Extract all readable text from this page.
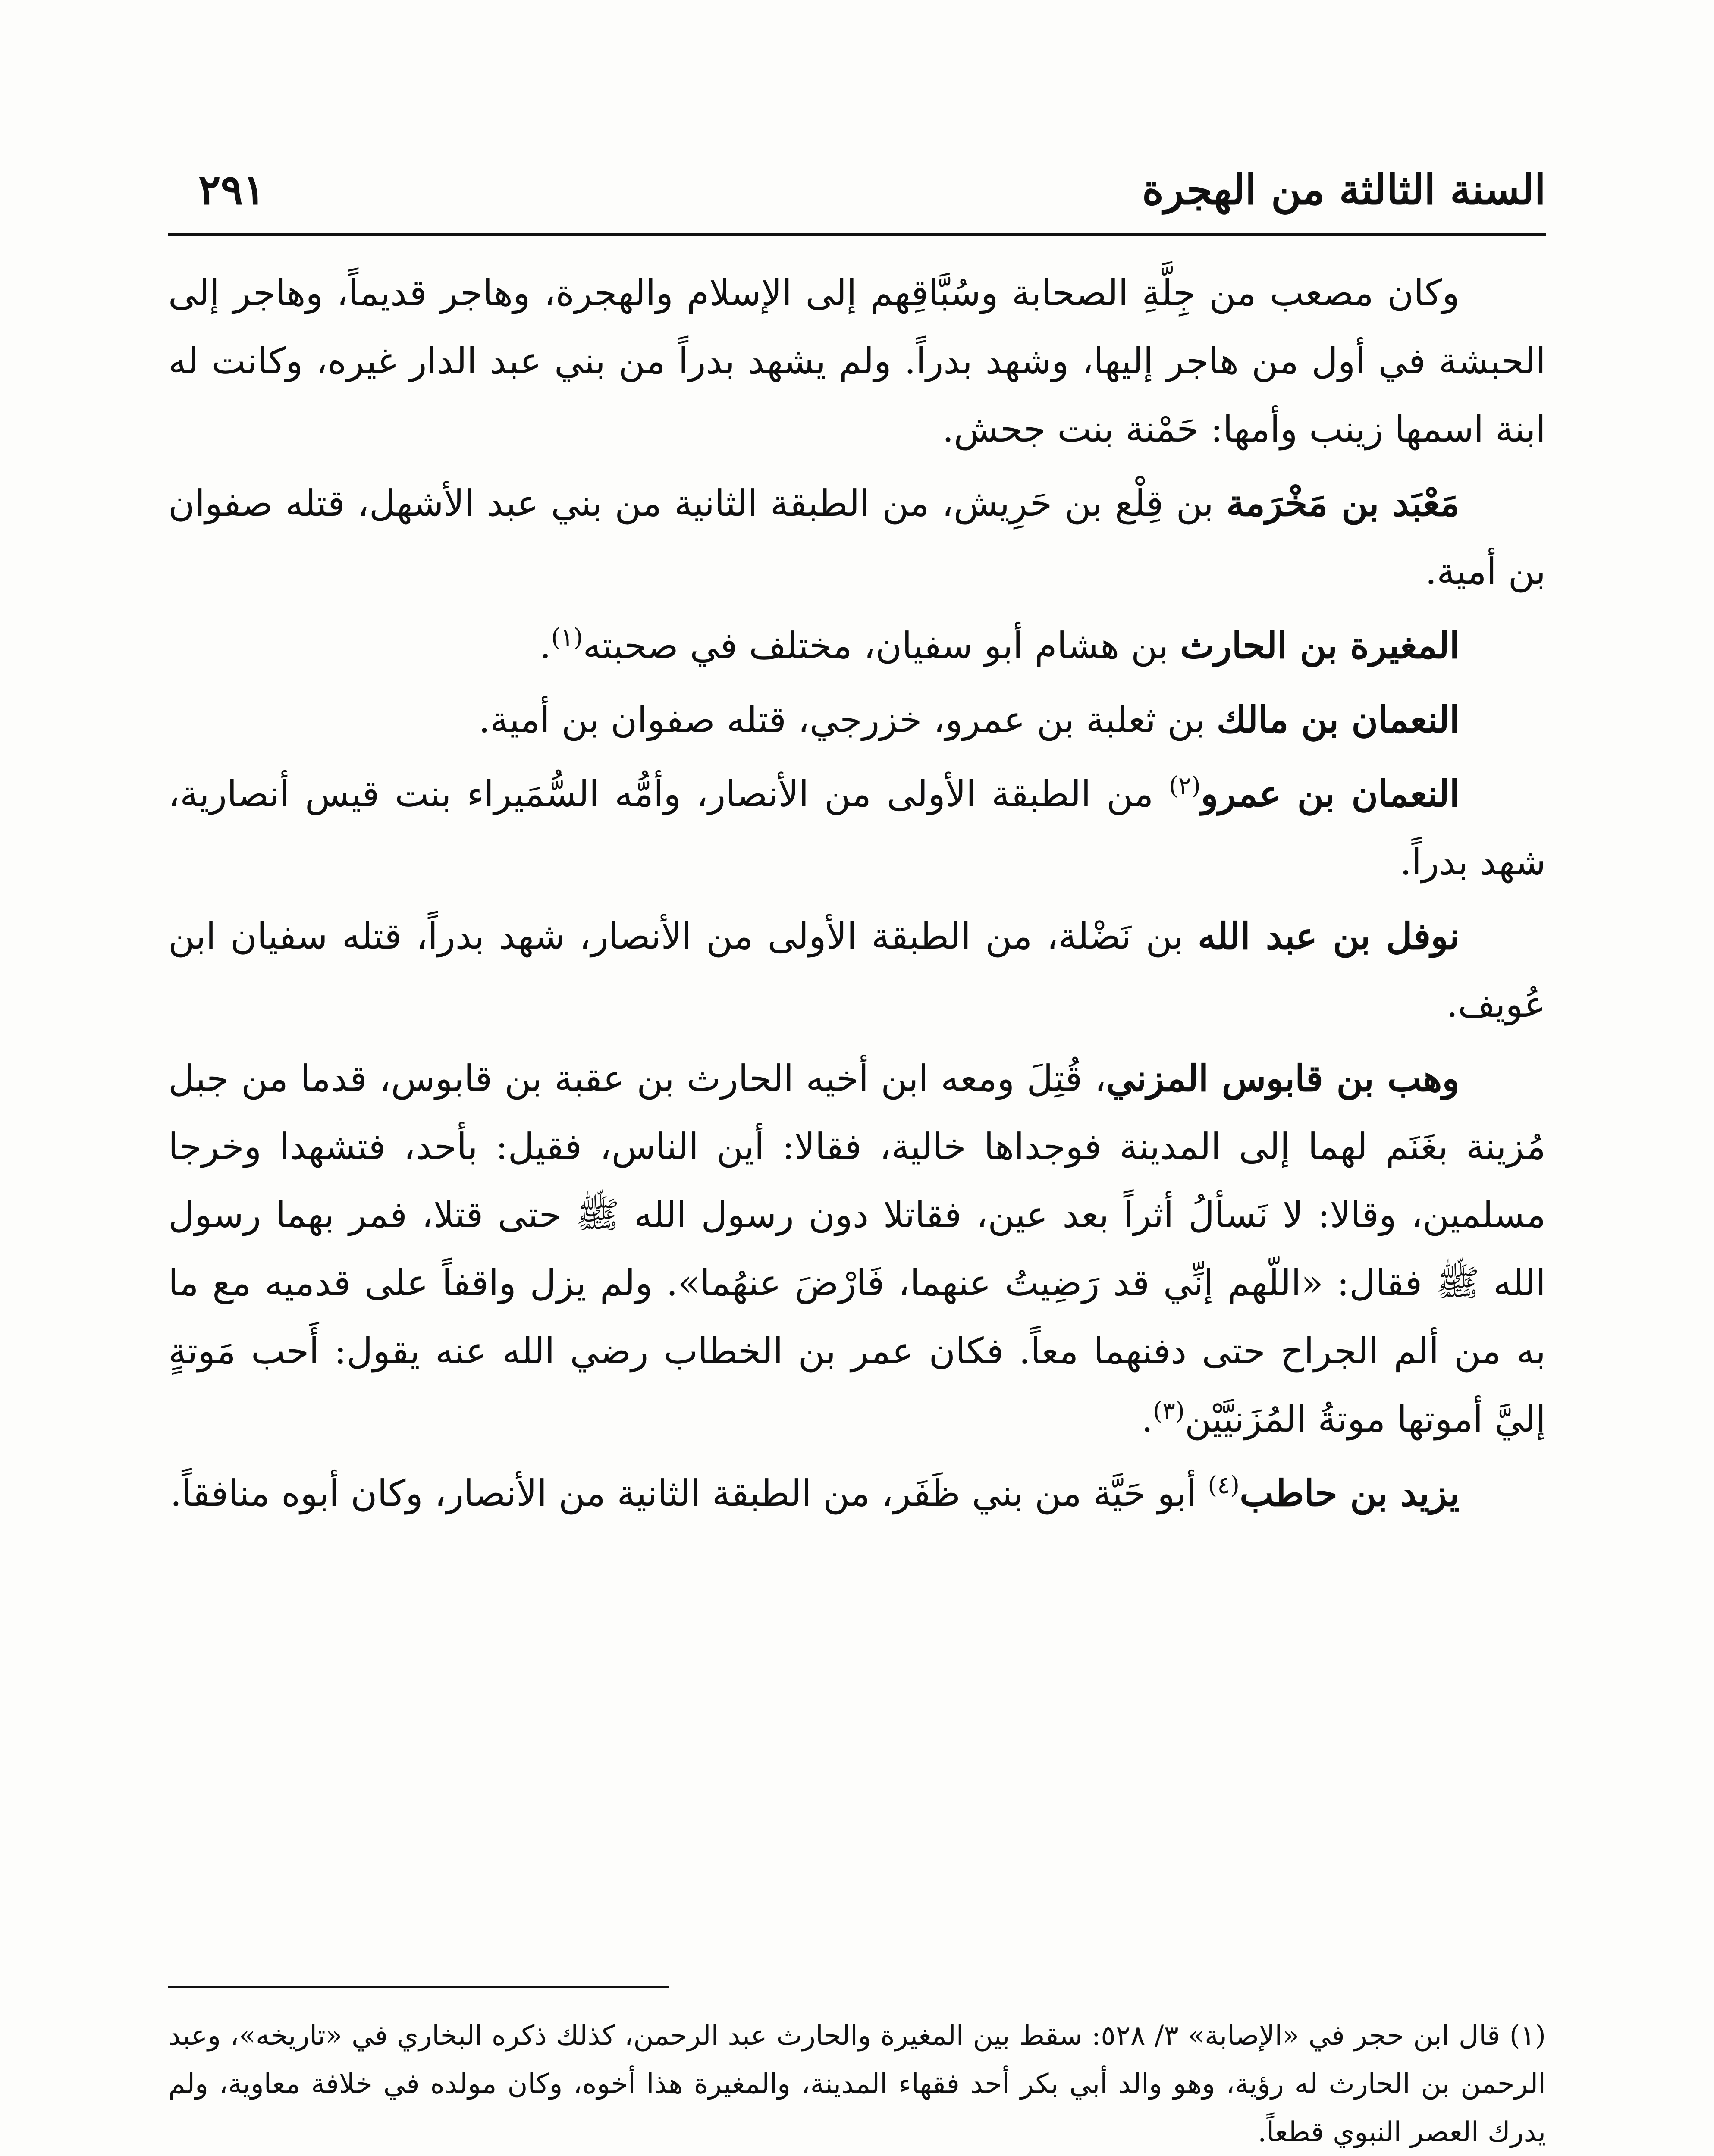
السنة الثالثة من الهجرة
٢٩١

وكان مصعب من جِلَّةِ الصحابة وسُبَّاقِهم إلى الإسلام والهجرة، وهاجر قديماً، وهاجر إلى الحبشة في أول من هاجر إليها، وشهد بدراً. ولم يشهد بدراً من بني عبد الدار غيره، وكانت له ابنة اسمها زينب وأمها: حَمْنة بنت جحش.

مَعْبَد بن مَخْرَمة بن قِلْع بن حَرِيش، من الطبقة الثانية من بني عبد الأشهل، قتله صفوان بن أمية.

المغيرة بن الحارث بن هشام أبو سفيان، مختلف في صحبته$^{(١)}$.

النعمان بن مالك بن ثعلبة بن عمرو، خزرجي، قتله صفوان بن أمية.

النعمان بن عمرو$^{(٢)}$ من الطبقة الأولى من الأنصار، وأمُّه السُّمَيراء بنت قيس أنصارية، شهد بدراً.

نوفل بن عبد الله بن نَضْلة، من الطبقة الأولى من الأنصار، شهد بدراً، قتله سفيان ابن عُويف.

وهب بن قابوس المزني، قُتِلَ ومعه ابن أخيه الحارث بن عقبة بن قابوس، قدما من جبل مُزينة بغَنَم لهما إلى المدينة فوجداها خالية، فقالا: أين الناس، فقيل: بأحد، فتشهدا وخرجا مسلمين، وقالا: لا نَسألُ أثراً بعد عين، فقاتلا دون رسول الله ﷺ حتى قتلا، فمر بهما رسول الله ﷺ فقال: «اللّهم إنِّي قد رَضِيتُ عنهما، فَارْضَ عنهُما». ولم يزل واقفاً على قدميه مع ما به من ألم الجراح حتى دفنهما معاً. فكان عمر بن الخطاب رضي الله عنه يقول: أَحب مَوتةٍ إليَّ أموتها موتةُ المُزَنيَّيْن$^{(٣)}$.

يزيد بن حاطب$^{(٤)}$ أبو حَيَّة من بني ظَفَر، من الطبقة الثانية من الأنصار، وكان أبوه منافقاً.

(١) قال ابن حجر في «الإصابة» ٣/ ٥٢٨: سقط بين المغيرة والحارث عبد الرحمن، كذلك ذكره البخاري في «تاريخه»، وعبد الرحمن بن الحارث له رؤية، وهو والد أبي بكر أحد فقهاء المدينة، والمغيرة هذا أخوه، وكان مولده في خلافة معاوية، ولم يدرك العصر النبوي قطعاً.
